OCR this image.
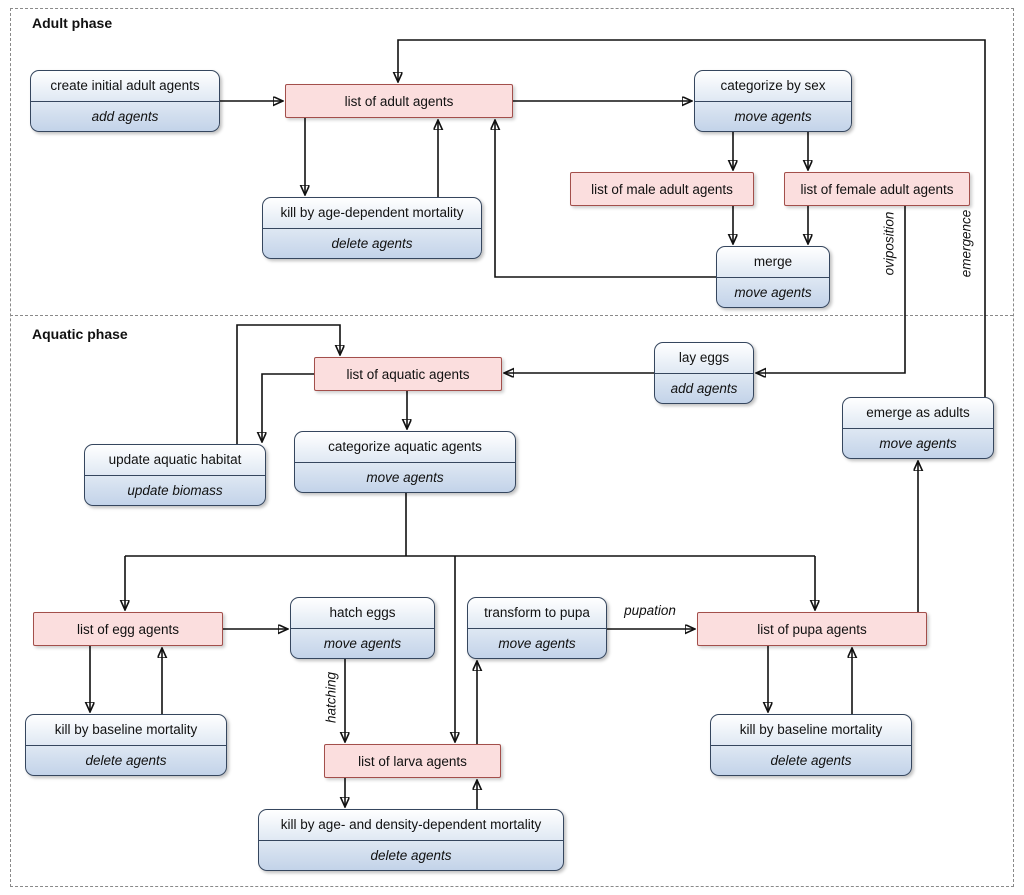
Adult phase
Aquatic phase
create initial adult agents
add agents
list of adult agents
categorize by sex
move agents
list of male adult agents	list of female adult agents
merge
move agents
kill by age-dependent mortality
delete agents
list of aquatic agents
lay eggs
add agents
emerge as adults
move agents
update aquatic habitat
update biomass
categorize aquatic agents
move agents
list of egg agents
hatch eggs
move agents
transform to pupa
move agents
list of pupa agents
kill by baseline mortality
delete agents
kill by baseline mortality
delete agents
list of larva agents
kill by age- and density-dependent mortality
delete agents
oviposition	emergence
hatching
pupation
